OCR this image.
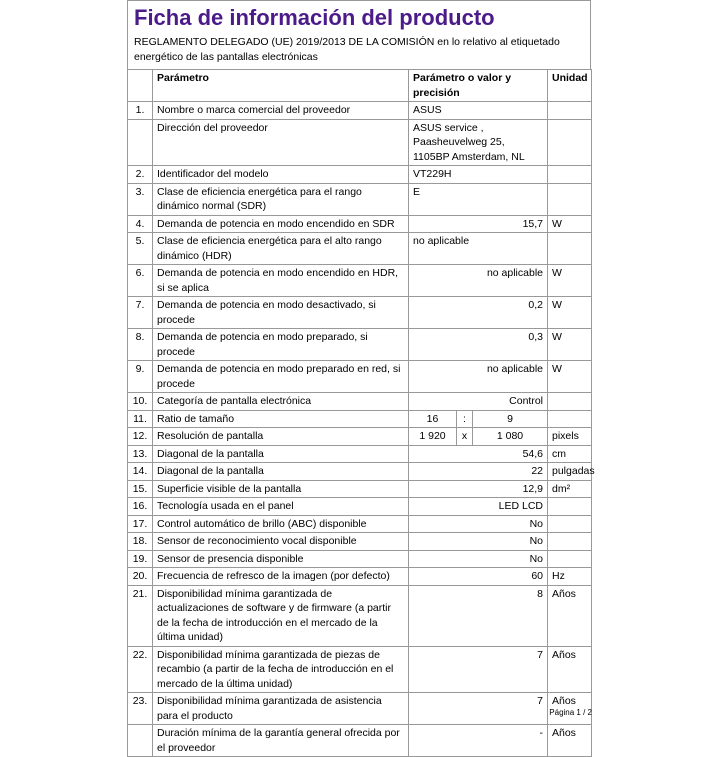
Ficha de información del producto
REGLAMENTO DELEGADO (UE) 2019/2013 DE LA COMISIÓN en lo relativo al etiquetado energético de las pantallas electrónicas
	Parámetro	Parámetro o valor y precisión			Unidad
1.	Nombre o marca comercial del proveedor	ASUS			
	Dirección del proveedor	ASUS service , Paasheuvelweg 25, 1105BP Amsterdam, NL			
2.	Identificador del modelo	VT229H			
3.	Clase de eficiencia energética para el rango dinámico normal (SDR)	E			
4.	Demanda de potencia en modo encendido en SDR	15,7			W
5.	Clase de eficiencia energética para el alto rango dinámico (HDR)	no aplicable			
6.	Demanda de potencia en modo encendido en HDR, si se aplica	no aplicable			W
7.	Demanda de potencia en modo desactivado, si procede	0,2			W
8.	Demanda de potencia en modo preparado, si procede	0,3			W
9.	Demanda de potencia en modo preparado en red, si procede	no aplicable			W
10.	Categoría de pantalla electrónica	Control			
11.	Ratio de tamaño	16	:	9	
12.	Resolución de pantalla	1 920	x	1 080	pixels
13.	Diagonal de la pantalla	54,6			cm
14.	Diagonal de la pantalla	22			pulgadas
15.	Superficie visible de la pantalla	12,9			dm²
16.	Tecnología usada en el panel	LED LCD			
17.	Control automático de brillo (ABC) disponible	No			
18.	Sensor de reconocimiento vocal disponible	No			
19.	Sensor de presencia disponible	No			
20.	Frecuencia de refresco de la imagen (por defecto)	60			Hz
21.	Disponibilidad mínima garantizada de actualizaciones de software y de firmware (a partir de la fecha de introducción en el mercado de la última unidad)	8			Años
22.	Disponibilidad mínima garantizada de piezas de recambio (a partir de la fecha de introducción en el mercado de la última unidad)	7			Años
23.	Disponibilidad mínima garantizada de asistencia para el producto	7			Años
	Duración mínima de la garantía general ofrecida por el proveedor	-			Años
Página 1 / 2
